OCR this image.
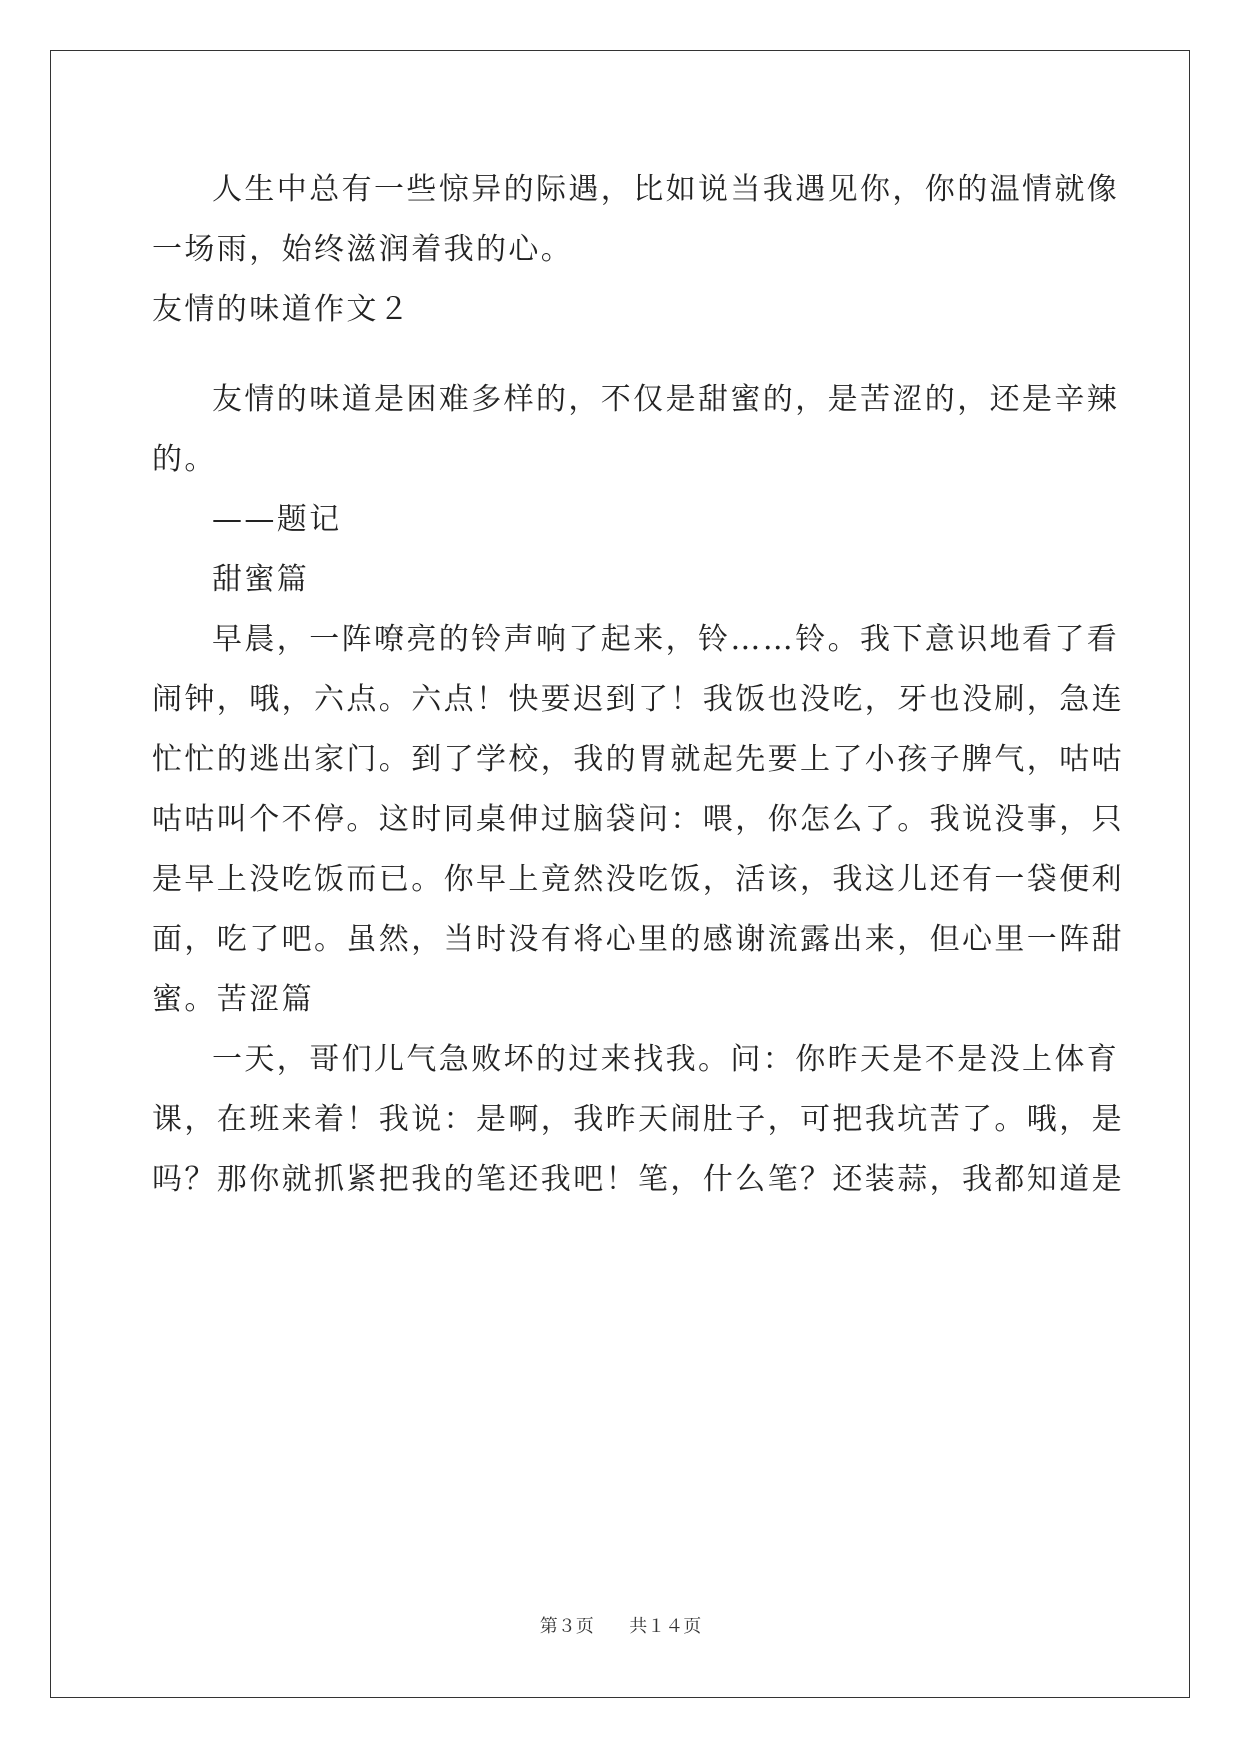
人生中总有一些惊异的际遇，比如说当我遇见你，你的温情就像
一场雨，始终滋润着我的心。
友情的味道作文２
友情的味道是困难多样的，不仅是甜蜜的，是苦涩的，还是辛辣
的。
——题记
甜蜜篇
早晨，一阵嘹亮的铃声响了起来，铃……铃。我下意识地看了看
闹钟，哦，六点。六点！快要迟到了！我饭也没吃，牙也没刷，急连
忙忙的逃出家门。到了学校，我的胃就起先要上了小孩子脾气，咕咕
咕咕叫个不停。这时同桌伸过脑袋问：喂，你怎么了。我说没事，只
是早上没吃饭而已。你早上竟然没吃饭，活该，我这儿还有一袋便利
面，吃了吧。虽然，当时没有将心里的感谢流露出来，但心里一阵甜
蜜。苦涩篇
一天，哥们儿气急败坏的过来找我。问：你昨天是不是没上体育
课，在班来着！我说：是啊，我昨天闹肚子，可把我坑苦了。哦，是
吗？那你就抓紧把我的笔还我吧！笔，什么笔？还装蒜，我都知道是
第３页 共１４页
